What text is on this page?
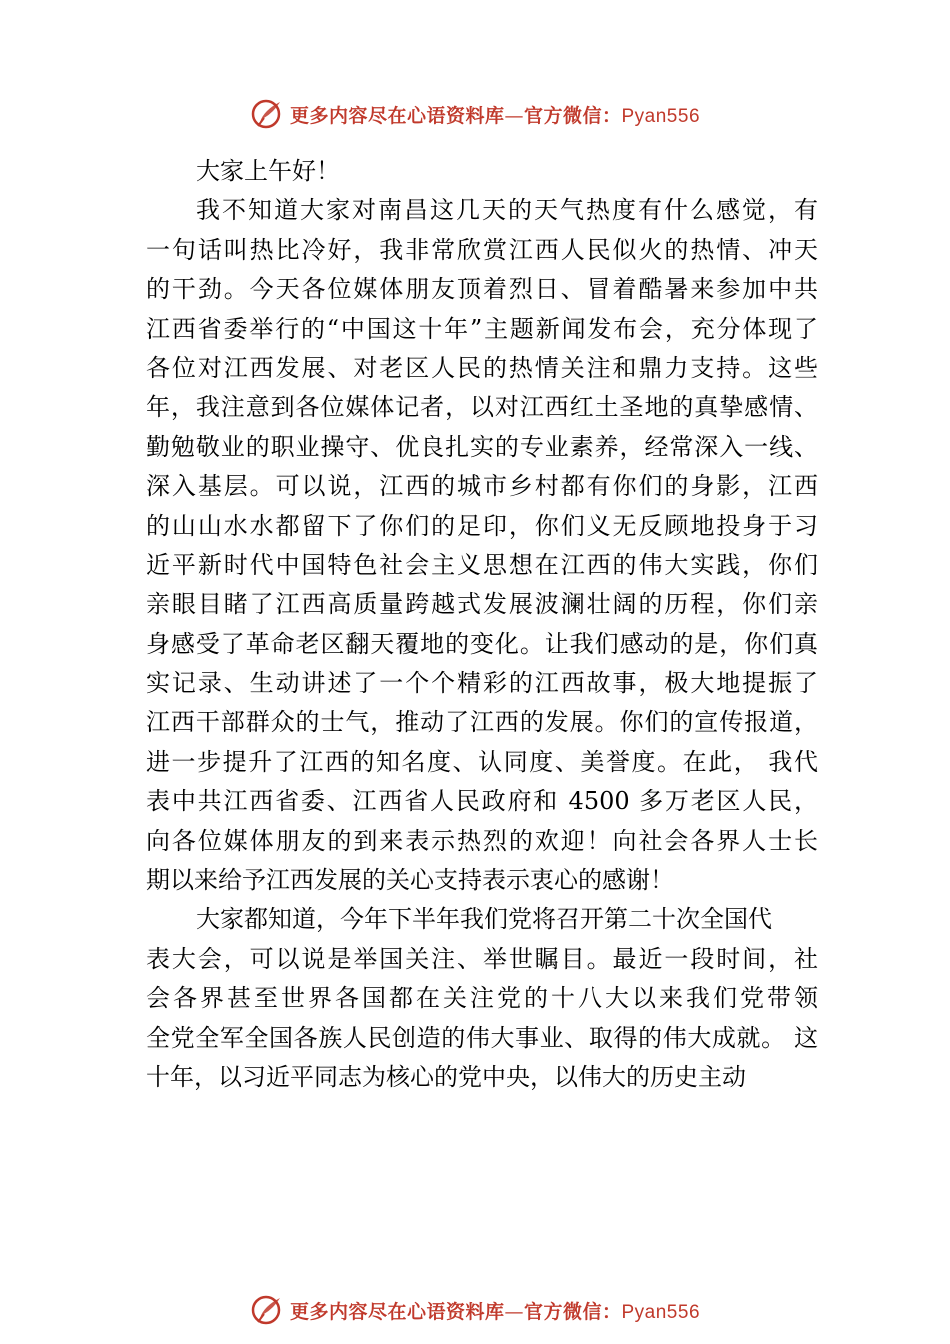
更多内容尽在心语资料库—官方微信：Pyan556
大家上午好！
我不知道大家对南昌这几天的天气热度有什么感觉，有
一句话叫热比冷好，我非常欣赏江西人民似火的热情、冲天
的干劲。今天各位媒体朋友顶着烈日、冒着酷暑来参加中共
江西省委举行的“中国这十年”主题新闻发布会，充分体现了
各位对江西发展、对老区人民的热情关注和鼎力支持。这些
年，我注意到各位媒体记者，以对江西红土圣地的真挚感情、
勤勉敬业的职业操守、优良扎实的专业素养，经常深入一线、
深入基层。可以说，江西的城市乡村都有你们的身影，江西
的山山水水都留下了你们的足印，你们义无反顾地投身于习
近平新时代中国特色社会主义思想在江西的伟大实践，你们
亲眼目睹了江西高质量跨越式发展波澜壮阔的历程，你们亲
身感受了革命老区翻天覆地的变化。让我们感动的是，你们真
实记录、生动讲述了一个个精彩的江西故事，极大地提振了
江西干部群众的士气，推动了江西的发展。你们的宣传报道，
进一步提升了江西的知名度、认同度、美誉度。在此， 我代
表中共江西省委、江西省人民政府和 4500 多万老区人民，
向各位媒体朋友的到来表示热烈的欢迎！向社会各界人士长
期以来给予江西发展的关心支持表示衷心的感谢！
大家都知道，今年下半年我们党将召开第二十次全国代
表大会，可以说是举国关注、举世瞩目。最近一段时间，社
会各界甚至世界各国都在关注党的十八大以来我们党带领
全党全军全国各族人民创造的伟大事业、取得的伟大成就。 这
十年，以习近平同志为核心的党中央，以伟大的历史主动
更多内容尽在心语资料库—官方微信：Pyan556
